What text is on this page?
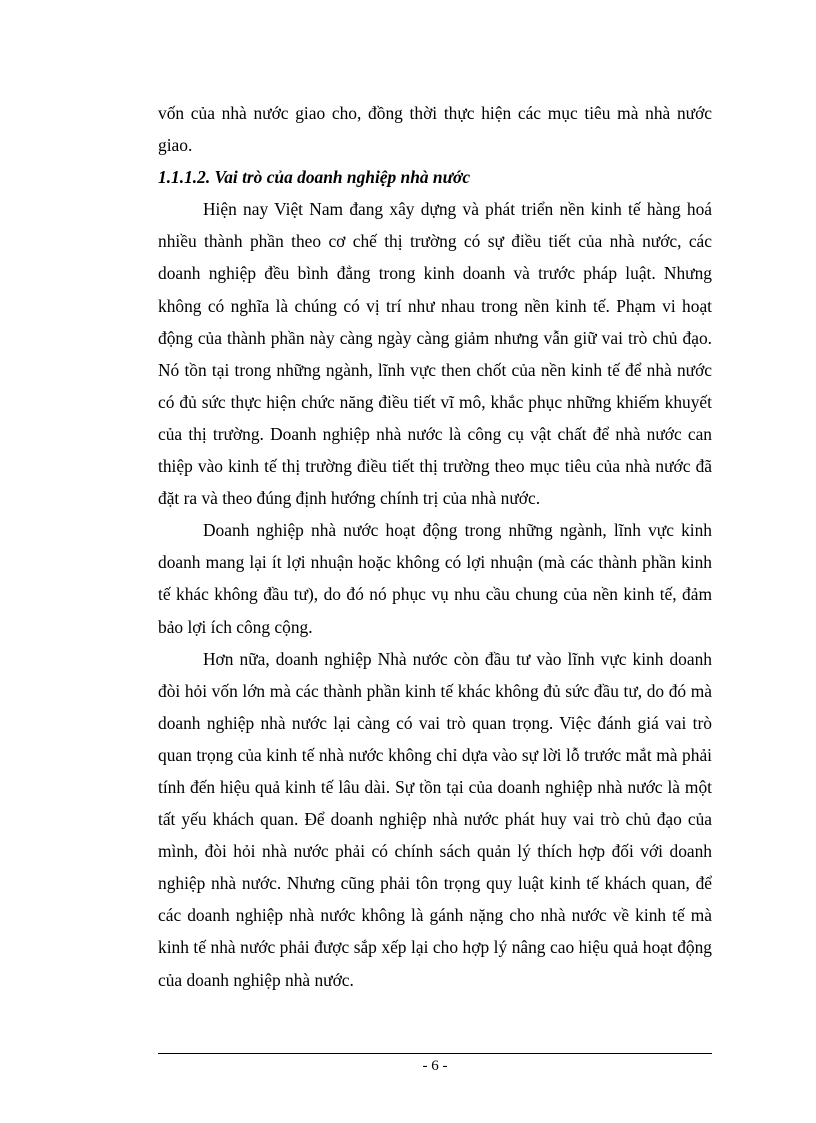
vốn của nhà nước giao cho, đồng thời thực hiện các mục tiêu mà nhà nước giao.

1.1.1.2. Vai trò của doanh nghiệp nhà nước

Hiện nay Việt Nam đang xây dựng và phát triển nền kinh tế hàng hoá nhiều thành phần theo cơ chế thị trường có sự điều tiết của nhà nước, các doanh nghiệp đều bình đẳng trong kinh doanh và trước pháp luật. Nhưng không có nghĩa là chúng có vị trí như nhau trong nền kinh tế. Phạm vi hoạt động của thành phần này càng ngày càng giảm nhưng vẫn giữ vai trò chủ đạo. Nó tồn tại trong những ngành, lĩnh vực then chốt của nền kinh tế để nhà nước có đủ sức thực hiện chức năng điều tiết vĩ mô, khắc phục những khiếm khuyết của thị trường. Doanh nghiệp nhà nước là công cụ vật chất để nhà nước can thiệp vào kinh tế thị trường điều tiết thị trường theo mục tiêu của nhà nước đã đặt ra và theo đúng định hướng chính trị của nhà nước.

Doanh nghiệp nhà nước hoạt động trong những ngành, lĩnh vực kinh doanh mang lại ít lợi nhuận hoặc không có lợi nhuận (mà các thành phần kinh tế khác không đầu tư), do đó nó phục vụ nhu cầu chung của nền kinh tế, đảm bảo lợi ích công cộng.

Hơn nữa, doanh nghiệp Nhà nước còn đầu tư vào lĩnh vực kinh doanh đòi hỏi vốn lớn mà các thành phần kinh tế khác không đủ sức đầu tư, do đó mà doanh nghiệp nhà nước lại càng có vai trò quan trọng. Việc đánh giá vai trò quan trọng của kinh tế nhà nước không chỉ dựa vào sự lời lỗ trước mắt mà phải tính đến hiệu quả kinh tế lâu dài. Sự tồn tại của doanh nghiệp nhà nước là một tất yếu khách quan. Để doanh nghiệp nhà nước phát huy vai trò chủ đạo của mình, đòi hỏi nhà nước phải có chính sách quản lý thích hợp đối với doanh nghiệp nhà nước. Nhưng cũng phải tôn trọng quy luật kinh tế khách quan, để các doanh nghiệp nhà nước không là gánh nặng cho nhà nước về kinh tế mà kinh tế nhà nước phải được sắp xếp lại cho hợp lý nâng cao hiệu quả hoạt động của doanh nghiệp nhà nước.

- 6 -
